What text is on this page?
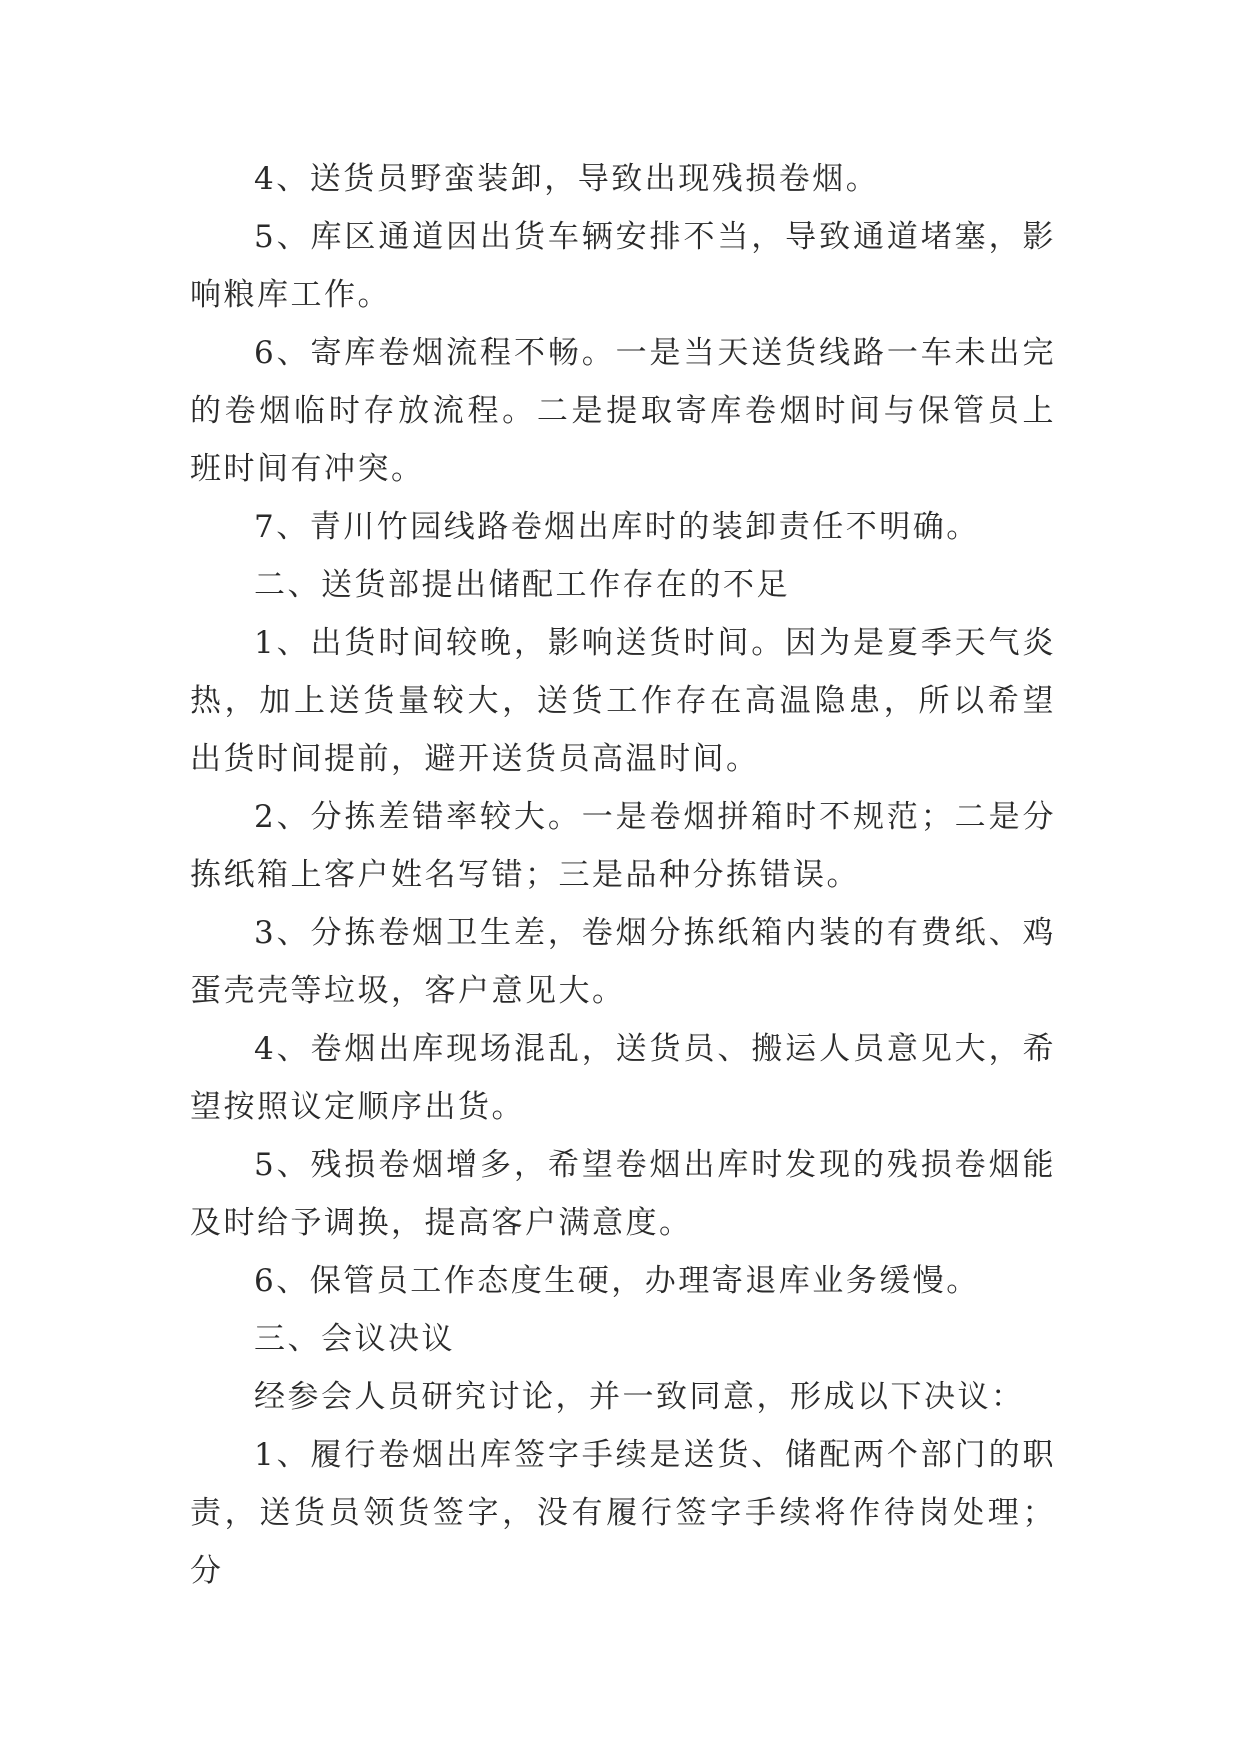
4、送货员野蛮装卸，导致出现残损卷烟。

5、库区通道因出货车辆安排不当，导致通道堵塞，影响粮库工作。

6、寄库卷烟流程不畅。一是当天送货线路一车未出完的卷烟临时存放流程。二是提取寄库卷烟时间与保管员上班时间有冲突。

7、青川竹园线路卷烟出库时的装卸责任不明确。

二、送货部提出储配工作存在的不足

1、出货时间较晚，影响送货时间。因为是夏季天气炎热，加上送货量较大，送货工作存在高温隐患，所以希望出货时间提前，避开送货员高温时间。

2、分拣差错率较大。一是卷烟拼箱时不规范；二是分拣纸箱上客户姓名写错；三是品种分拣错误。

3、分拣卷烟卫生差，卷烟分拣纸箱内装的有费纸、鸡蛋壳壳等垃圾，客户意见大。

4、卷烟出库现场混乱，送货员、搬运人员意见大，希望按照议定顺序出货。

5、残损卷烟增多，希望卷烟出库时发现的残损卷烟能及时给予调换，提高客户满意度。

6、保管员工作态度生硬，办理寄退库业务缓慢。

三、会议决议

经参会人员研究讨论，并一致同意，形成以下决议：

1、履行卷烟出库签字手续是送货、储配两个部门的职责，送货员领货签字，没有履行签字手续将作待岗处理；分
